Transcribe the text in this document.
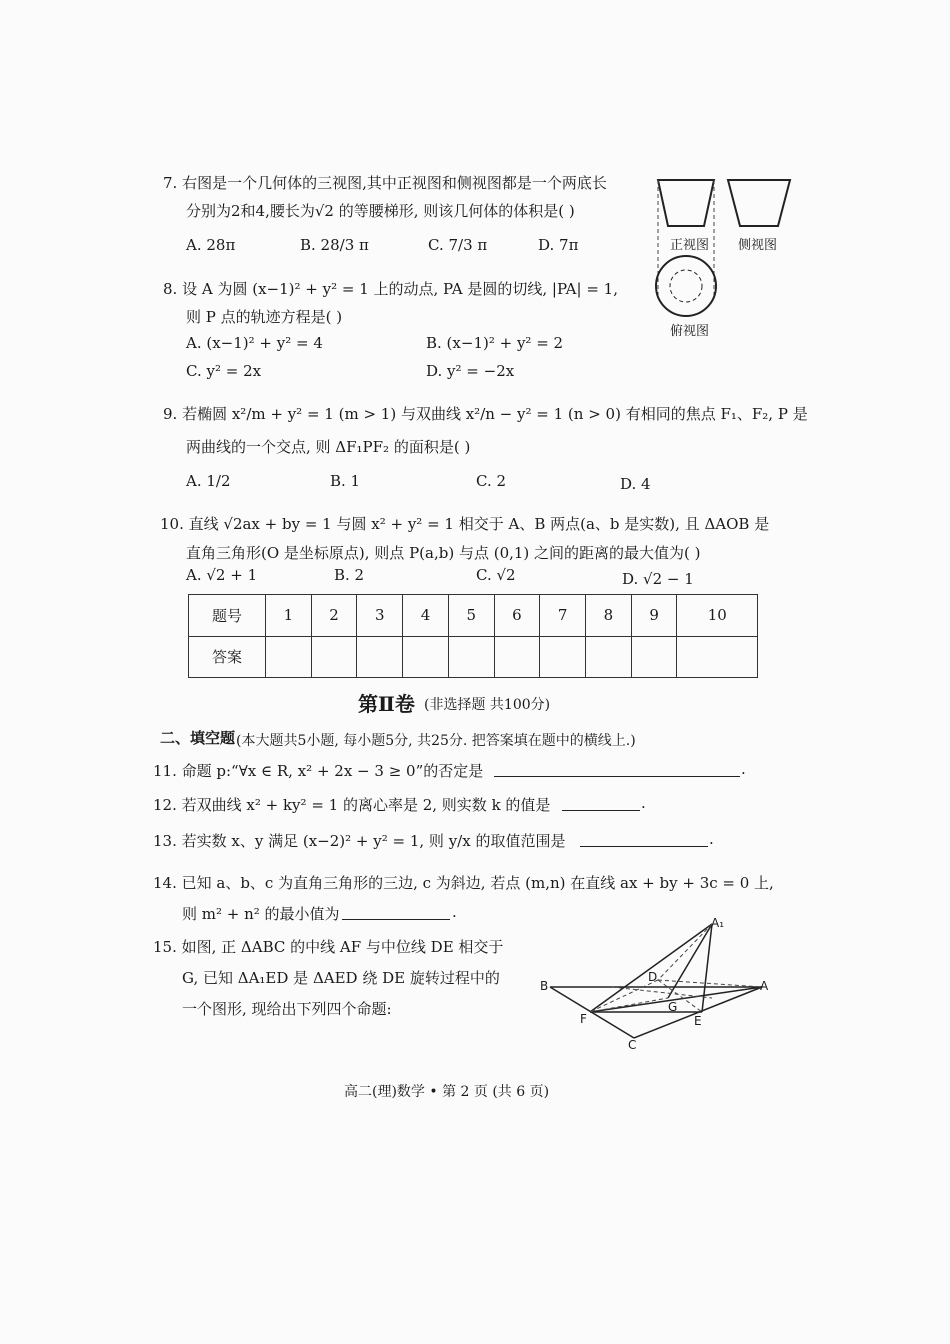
7. 右图是一个几何体的三视图,其中正视图和侧视图都是一个两底长
分别为2和4,腰长为√2 的等腰梯形, 则该几何体的体积是( )
A. 28π	B. 28/3 π	C. 7/3 π	D. 7π	正视图 侧视图
俯视图
8. 设 A 为圆 (x−1)² + y² = 1 上的动点, PA 是圆的切线, |PA| = 1,
则 P 点的轨迹方程是( )
A. (x−1)² + y² = 4	B. (x−1)² + y² = 2
C. y² = 2x	D. y² = −2x
9. 若椭圆 x²/m + y² = 1 (m > 1) 与双曲线 x²/n − y² = 1 (n > 0) 有相同的焦点 F₁、F₂, P 是
两曲线的一个交点, 则 ΔF₁PF₂ 的面积是( )
A. 1/2	B. 1	C. 2	D. 4
10. 直线 √2ax + by = 1 与圆 x² + y² = 1 相交于 A、B 两点(a、b 是实数), 且 ΔAOB 是
直角三角形(O 是坐标原点), 则点 P(a,b) 与点 (0,1) 之间的距离的最大值为( )
A. √2 + 1	B. 2	C. √2	D. √2 − 1
题号	1	2	3	4	5	6	7	8	9	10
答案										
第Ⅱ卷 (非选择题 共100分)
二、填空题 (本大题共5小题, 每小题5分, 共25分. 把答案填在题中的横线上.)
11. 命题 p:“∀x ∈ R, x² + 2x − 3 ≥ 0”的否定是	.
12. 若双曲线 x² + ky² = 1 的离心率是 2, 则实数 k 的值是	.
13. 若实数 x、y 满足 (x−2)² + y² = 1, 则 y/x 的取值范围是	.
14. 已知 a、b、c 为直角三角形的三边, c 为斜边, 若点 (m,n) 在直线 ax + by + 3c = 0 上,
则 m² + n² 的最小值为	.
15. 如图, 正 ΔABC 的中线 AF 与中位线 DE 相交于
G, 已知 ΔA₁ED 是 ΔAED 绕 DE 旋转过程中的
一个图形, 现给出下列四个命题:
A₁
B	A
D
G
F	E
C
高二(理)数学 • 第 2 页 (共 6 页)
